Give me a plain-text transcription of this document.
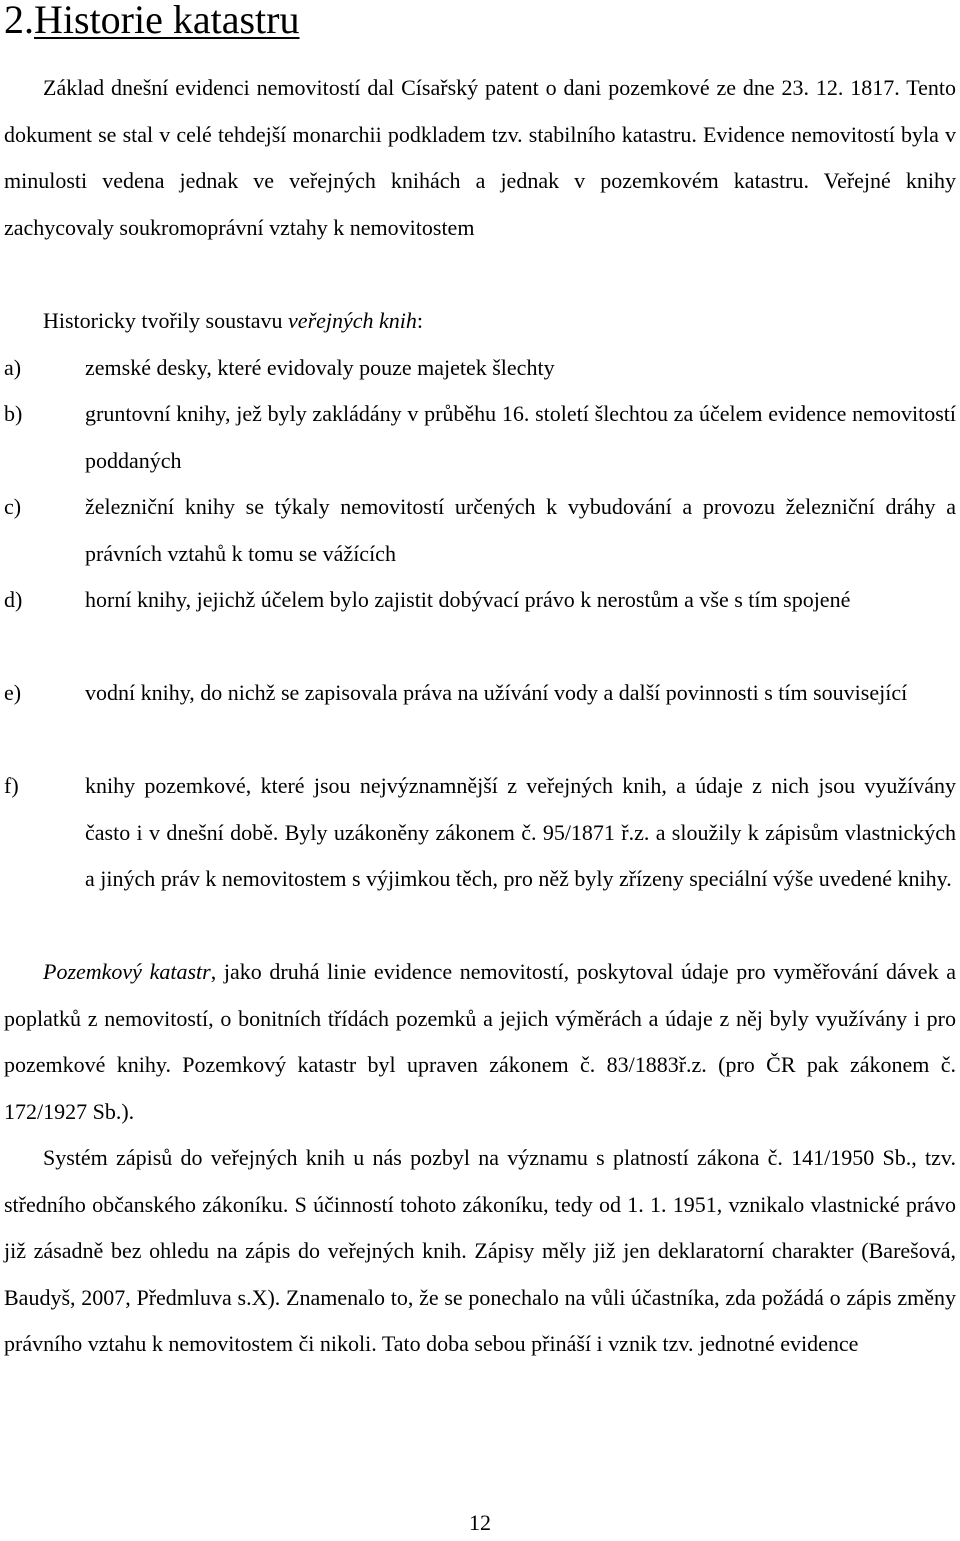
2.Historie katastru
Základ dnešní evidenci nemovitostí dal Císařský patent o dani pozemkové ze dne 23. 12. 1817. Tento dokument se stal v celé tehdejší monarchii podkladem tzv. stabilního katastru. Evidence nemovitostí byla v minulosti vedena jednak ve veřejných knihách a jednak v pozemkovém katastru. Veřejné knihy zachycovaly soukromoprávní vztahy k nemovitostem
Historicky tvořily soustavu veřejných knih:
a)	zemské desky, které evidovaly pouze majetek šlechty
b)	gruntovní knihy, jež byly zakládány v průběhu 16. století šlechtou za účelem evidence nemovitostí poddaných
c)	železniční knihy se týkaly nemovitostí určených k vybudování a provozu železniční dráhy a právních vztahů k tomu se vážících
d)	horní knihy, jejichž účelem bylo zajistit dobývací právo k nerostům a vše s tím spojené
e)	vodní knihy, do nichž se zapisovala práva na užívání vody a další povinnosti s tím související
f)	knihy pozemkové, které jsou nejvýznamnější z veřejných knih, a údaje z nich jsou využívány často i v dnešní době. Byly uzákoněny zákonem č. 95/1871 ř.z. a sloužily k zápisům vlastnických a jiných práv k nemovitostem s výjimkou těch, pro něž byly zřízeny speciální výše uvedené knihy.
Pozemkový katastr, jako druhá linie evidence nemovitostí, poskytoval údaje pro vyměřování dávek a poplatků z nemovitostí, o bonitních třídách pozemků a jejich výměrách a údaje z něj byly využívány i pro pozemkové knihy. Pozemkový katastr byl upraven zákonem č. 83/1883ř.z. (pro ČR pak zákonem č. 172/1927 Sb.).
Systém zápisů do veřejných knih u nás pozbyl na významu s platností zákona č. 141/1950 Sb., tzv. středního občanského zákoníku. S účinností tohoto zákoníku, tedy od 1. 1. 1951, vznikalo vlastnické právo již zásadně bez ohledu na zápis do veřejných knih. Zápisy měly již jen deklaratorní charakter (Barešová, Baudyš, 2007, Předmluva s.X). Znamenalo to, že se ponechalo na vůli účastníka, zda požádá o zápis změny právního vztahu k nemovitostem či nikoli. Tato doba sebou přináší i vznik tzv. jednotné evidence
12
